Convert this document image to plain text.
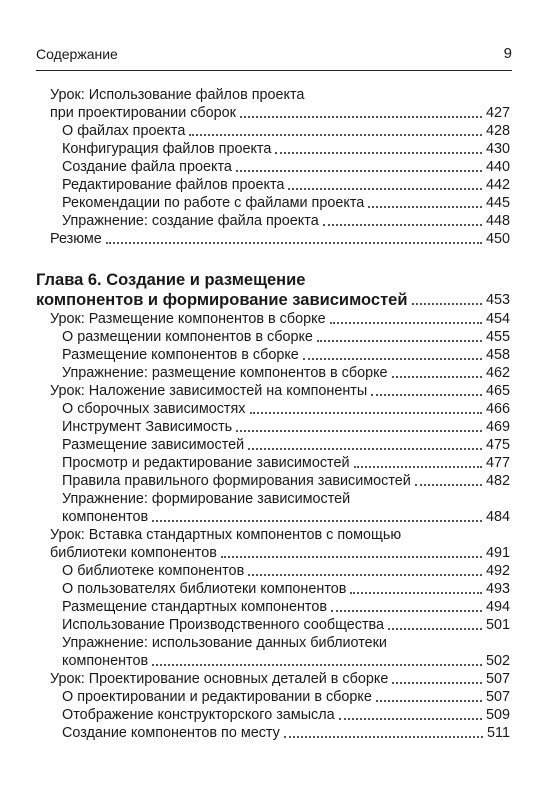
Содержание	9
Урок: Использование файлов проекта
при проектировании сборок	427
О файлах проекта	428
Конфигурация файлов проекта	430
Создание файла проекта	440
Редактирование файлов проекта	442
Рекомендации по работе с файлами проекта	445
Упражнение: создание файла проекта	448
Резюме	450
Глава 6. Создание и размещение
компонентов и формирование зависимостей	453
Урок: Размещение компонентов в сборке	454
О размещении компонентов в сборке	455
Размещение компонентов в сборке	458
Упражнение: размещение компонентов в сборке	462
Урок: Наложение зависимостей на компоненты	465
О сборочных зависимостях	466
Инструмент Зависимость	469
Размещение зависимостей	475
Просмотр и редактирование зависимостей	477
Правила правильного формирования зависимостей	482
Упражнение: формирование зависимостей
компонентов	484
Урок: Вставка стандартных компонентов с помощью
библиотеки компонентов	491
О библиотеке компонентов	492
О пользователях библиотеки компонентов	493
Размещение стандартных компонентов	494
Использование Производственного сообщества	501
Упражнение: использование данных библиотеки
компонентов	502
Урок: Проектирование основных деталей в сборке	507
О проектировании и редактировании в сборке	507
Отображение конструкторского замысла	509
Создание компонентов по месту	511
